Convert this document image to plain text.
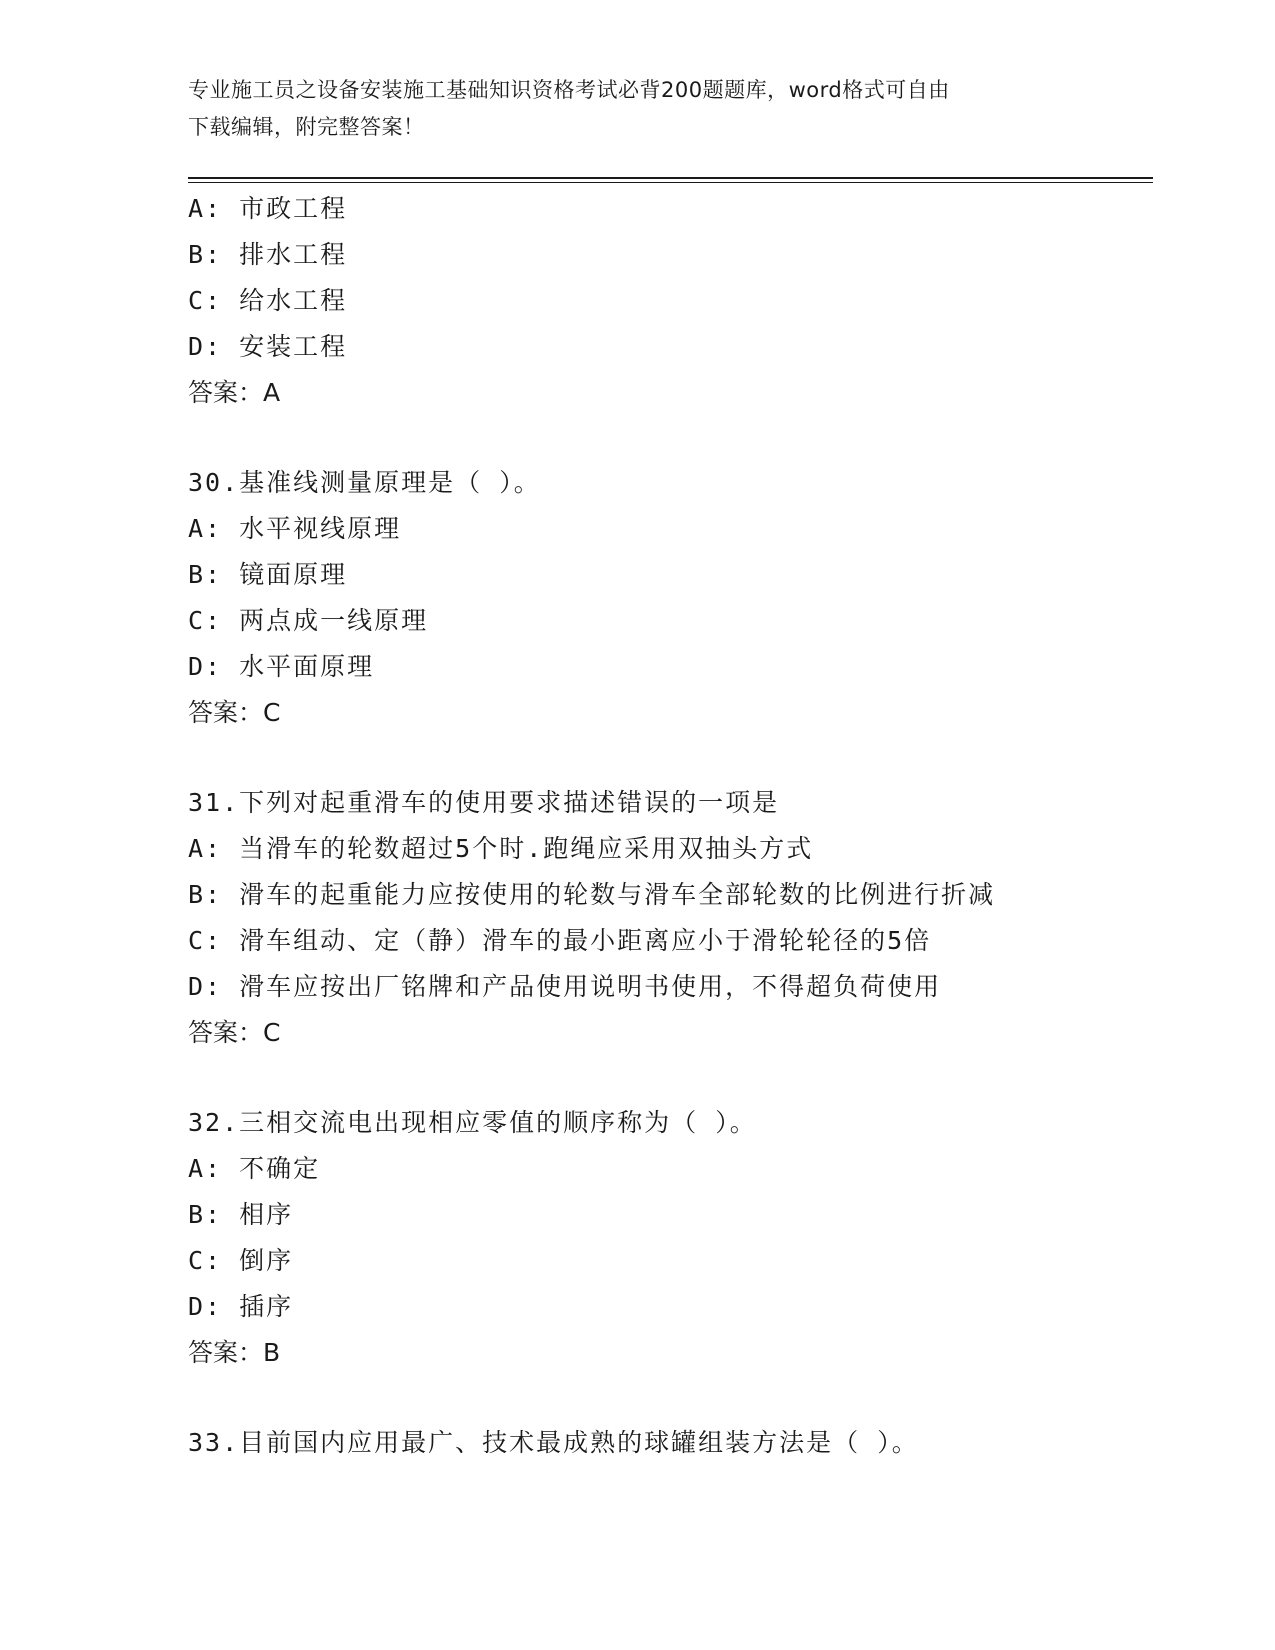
专业施工员之设备安装施工基础知识资格考试必背200题题库，word格式可自由
下载编辑，附完整答案！
A: 市政工程
B: 排水工程
C: 给水工程
D: 安装工程
答案：A
30.基准线测量原理是（ ）。
A: 水平视线原理
B: 镜面原理
C: 两点成一线原理
D: 水平面原理
答案：C
31.下列对起重滑车的使用要求描述错误的一项是
A: 当滑车的轮数超过5个时.跑绳应采用双抽头方式
B: 滑车的起重能力应按使用的轮数与滑车全部轮数的比例进行折减
C: 滑车组动、定（静）滑车的最小距离应小于滑轮轮径的5倍
D: 滑车应按出厂铭牌和产品使用说明书使用，不得超负荷使用
答案：C
32.三相交流电出现相应零值的顺序称为（ ）。
A: 不确定
B: 相序
C: 倒序
D: 插序
答案：B
33.目前国内应用最广、技术最成熟的球罐组装方法是（ ）。
